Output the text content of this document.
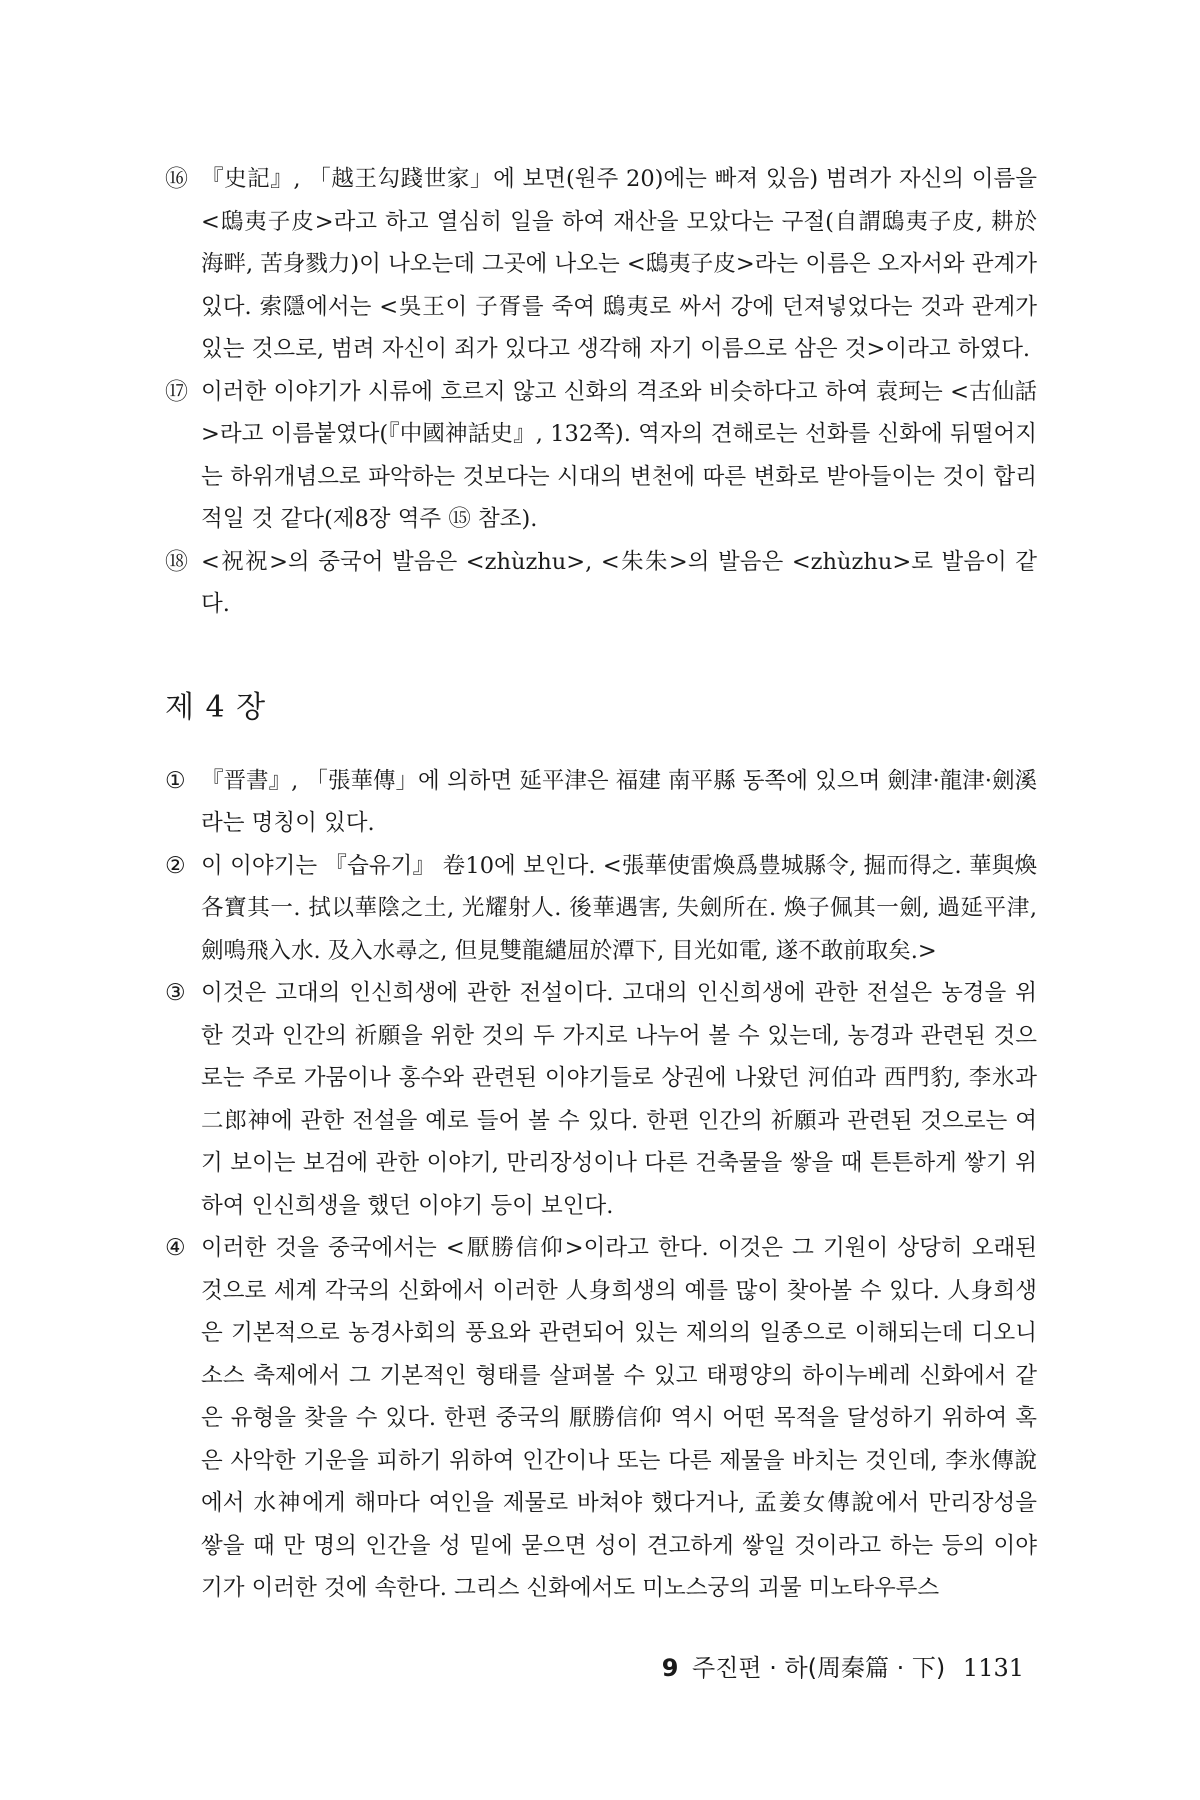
⑯ 『史記』, 「越王勾踐世家」에 보면(원주 20)에는 빠져 있음) 범려가 자신의 이름을 <鴟夷子皮>라고 하고 열심히 일을 하여 재산을 모았다는 구절(自謂鴟夷子皮, 耕於海畔, 苦身戮力)이 나오는데 그곳에 나오는 <鴟夷子皮>라는 이름은 오자서와 관계가 있다. 索隱에서는 <吳王이 子胥를 죽여 鴟夷로 싸서 강에 던져넣었다는 것과 관계가 있는 것으로, 범려 자신이 죄가 있다고 생각해 자기 이름으로 삼은 것>이라고 하였다.

⑰ 이러한 이야기가 시류에 흐르지 않고 신화의 격조와 비슷하다고 하여 袁珂는 <古仙話>라고 이름붙였다(『中國神話史』, 132쪽). 역자의 견해로는 선화를 신화에 뒤떨어지는 하위개념으로 파악하는 것보다는 시대의 변천에 따른 변화로 받아들이는 것이 합리적일 것 같다(제8장 역주 ⑮ 참조).

⑱ <祝祝>의 중국어 발음은 <zhùzhu>, <朱朱>의 발음은 <zhùzhu>로 발음이 같다.

제 4 장

① 『晋書』, 「張華傳」에 의하면 延平津은 福建 南平縣 동쪽에 있으며 劍津·龍津·劍溪라는 명칭이 있다.

② 이 이야기는 『습유기』 卷10에 보인다. <張華使雷煥爲豊城縣令, 掘而得之. 華與煥各寶其一. 拭以華陰之土, 光耀射人. 後華遇害, 失劍所在. 煥子佩其一劍, 過延平津, 劍鳴飛入水. 及入水尋之, 但見雙龍繾屈於潭下, 目光如電, 遂不敢前取矣.>

③ 이것은 고대의 인신희생에 관한 전설이다. 고대의 인신희생에 관한 전설은 농경을 위한 것과 인간의 祈願을 위한 것의 두 가지로 나누어 볼 수 있는데, 농경과 관련된 것으로는 주로 가뭄이나 홍수와 관련된 이야기들로 상권에 나왔던 河伯과 西門豹, 李氷과 二郎神에 관한 전설을 예로 들어 볼 수 있다. 한편 인간의 祈願과 관련된 것으로는 여기 보이는 보검에 관한 이야기, 만리장성이나 다른 건축물을 쌓을 때 튼튼하게 쌓기 위하여 인신희생을 했던 이야기 등이 보인다.

④ 이러한 것을 중국에서는 <厭勝信仰>이라고 한다. 이것은 그 기원이 상당히 오래된 것으로 세계 각국의 신화에서 이러한 人身희생의 예를 많이 찾아볼 수 있다. 人身희생은 기본적으로 농경사회의 풍요와 관련되어 있는 제의의 일종으로 이해되는데 디오니소스 축제에서 그 기본적인 형태를 살펴볼 수 있고 태평양의 하이누베레 신화에서 같은 유형을 찾을 수 있다. 한편 중국의 厭勝信仰 역시 어떤 목적을 달성하기 위하여 혹은 사악한 기운을 피하기 위하여 인간이나 또는 다른 제물을 바치는 것인데, 李氷傳說에서 水神에게 해마다 여인을 제물로 바쳐야 했다거나, 孟姜女傳說에서 만리장성을 쌓을 때 만 명의 인간을 성 밑에 묻으면 성이 견고하게 쌓일 것이라고 하는 등의 이야기가 이러한 것에 속한다. 그리스 신화에서도 미노스궁의 괴물 미노타우루스

9 주진편 · 하(周秦篇 · 下) 1131
